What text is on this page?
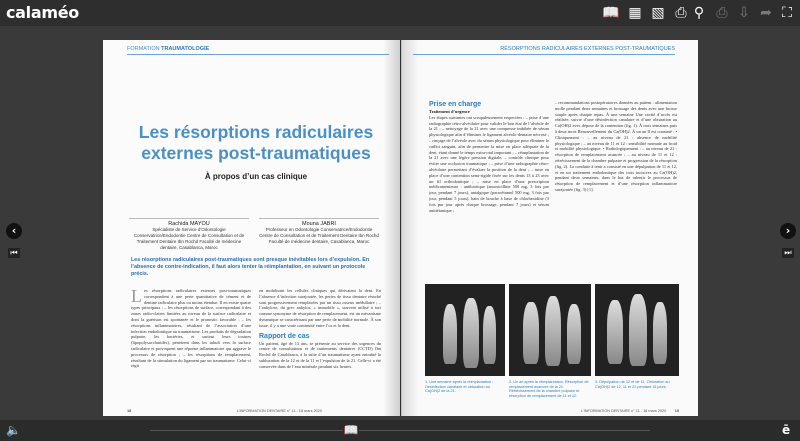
calaméo	📖 ▦ ▧ ⎙ ⚲ ⎙ ⇩ ➦ ⛶
‹
⏮
›
⏭
FORMATION TRAUMATOLOGIE
Les résorptions radiculaires externes post-traumatiques
À propos d’un cas clinique
Rachida MAYOU
Spécialiste de Service d’Odontologie Conservatrice/Endodontie Centre de Consultation et de Traitement Dentaire Ibn Rochd Faculté de médecine dentaire, Casablanca, Maroc
Mouna JABRI
Professeur en Odontologie Conservatrice/Endodontie Centre de Consultation et de Traitement Dentaire Ibn Rochd Faculté de médecine dentaire, Casablanca, Maroc
Les résorptions radiculaires post-traumatiques sont presque inévitables lors d’expulsion. En l’absence de contre-indication, il faut alors tenter la réimplantation, en suivant un protocole précis.
Les résorptions radiculaires externes post-traumatiques correspondent à une perte quantitative de cément et de dentine radiculaire plus ou moins étendue. Il en existe quatre types principaux : – les résorptions de surface, correspondant à des zones radio-claires limitées au niveau de la surface radiculaire et dont la guérison est spontanée et le pronostic favorable ; – les résorptions inflammatoires, résultant de l’association d’une infection endodontique au traumatisme. Les produits de dégradation pulpaire, les bactéries, et surtout leurs toxines (lipopolysaccharides), pénètrent dans les tubuli vers la surface radiculaire et provoquent une réponse inflammatoire qui aggrave le processus de résorption ; – les résorptions de remplacement, résultant de la stimulation du ligament par un traumatisme. Celui-ci régit
en mobilisant les cellules cliniques qui dérivaient la dent. En l’absence d’infection surajoutée, les pertes de tissu dentaire résorbé sont progressivement remplacées par un tissu osseux médullaire ; – l’ankylose, du grec ankylos, « immobile », souvent utilisé à tort comme synonyme de résorption de remplacement, est un mécanisme dynamique se caractérisant par une perte de mobilité normale. À son issue, il y a une vraie continuité entre l’os et la dent.
Rapport de cas
Un patient, âgé de 13 ans, se présente au service des urgences du centre de consultations et de traitements dentaires (CCTD) Ibn Rochd de Casablanca, à la suite d’un traumatisme ayant entraîné la subluxation de la 12 et de la 11 et l’expulsion de la 21. Celle-ci a été conservée dans de l’eau minérale pendant six heures.
18	L’INFORMATION DENTAIRE n° 11 - 18 mars 2020
RÉSORPTIONS RADICULAIRES EXTERNES POST-TRAUMATIQUES
Prise en charge
Traitement d’urgence
Les étapes suivantes ont scrupuleusement respectées : – prise d’une radiographie rétro-alvéolaire pour valider le bon état de l’alvéole de la 21 ; – nettoyage de la 21 avec une compresse imbibée de sérum physiologique afin d’éliminer le ligament alvéolo-dentaire nécrosé ; – rinçage de l’alvéole avec du sérum physiologique pour éliminer le caillot sanguin, afin de permettre la mise en place adéquate de la dent, étant donné le temps extra-oral important ; – réimplantation de la 21 avec une légère pression digitale, – contrôle clinique pour éviter une occlusion traumatique ; – prise d’une radiographie rétro-alvéolaire permettant d’évaluer la position de la dent ; – mise en place d’une contention semi-rigide fixée sur les dents 13 à 23 avec un fil orthodontique ; – mise en place d’une prescription médicamenteuse : antibiotique (amoxicilline 500 mg, 3 fois par jour, pendant 7 jours), antalgique (paracétamol 500 mg, 3 fois par jour, pendant 5 jours), bain de bouche à base de chlorhexidine (3 fois par jour après chaque brossage, pendant 7 jours) et sérum antitétanique ;
– recommandations postopératoires données au patient : alimentation molle pendant deux semaines et brossage des dents avec une brosse souple après chaque repas. À une semaine Une cavité d’accès est réalisée, suivie d’une désinfection canalaire et d’une obturation au Ca(OH)2 avec dépose de la contention (fig. 1). À trois semaines puis à deux mois Renouvellement du Ca(OH)2. À un an Il est constaté : • Cliniquement : – au niveau de 21 : absence de mobilité physiologique ; – au niveau de 11 et 12 : sensibilité normale au froid et mobilité physiologique. • Radiologiquement : – au niveau de 21 : résorption de remplacement avancée ; – au niveau de 11 et 12 : rétrécissement de la chambre pulpaire et progression de la résorption (fig. 2). La conduite à tenir a consisté en une dépulpation de 11 et 12, et en un traitement endodontique des trois incisives au Ca(OH)2, pendant deux semaines, dans le but de ralentir le processus de résorption de remplacement et d’une résorption inflammatoire surajoutée (fig. 3) [1].
1. Une semaine après la réimplantation : Désinfection canalaire et obturation au Ca(OH)2 de la 21.
2. Un an après la réimplantation. Résorption de remplacement avancée de la 21. Rétrécissement de la chambre pulpaire et résorption de remplacement de 11 et 12.
3. Dépulpation de 12 et de 11. Obturation au Ca(OH)2 de 12, 11 et 21 pendant 15 jours.
L’INFORMATION DENTAIRE n° 11 - 18 mars 2020 19
🔈	📖	ē
